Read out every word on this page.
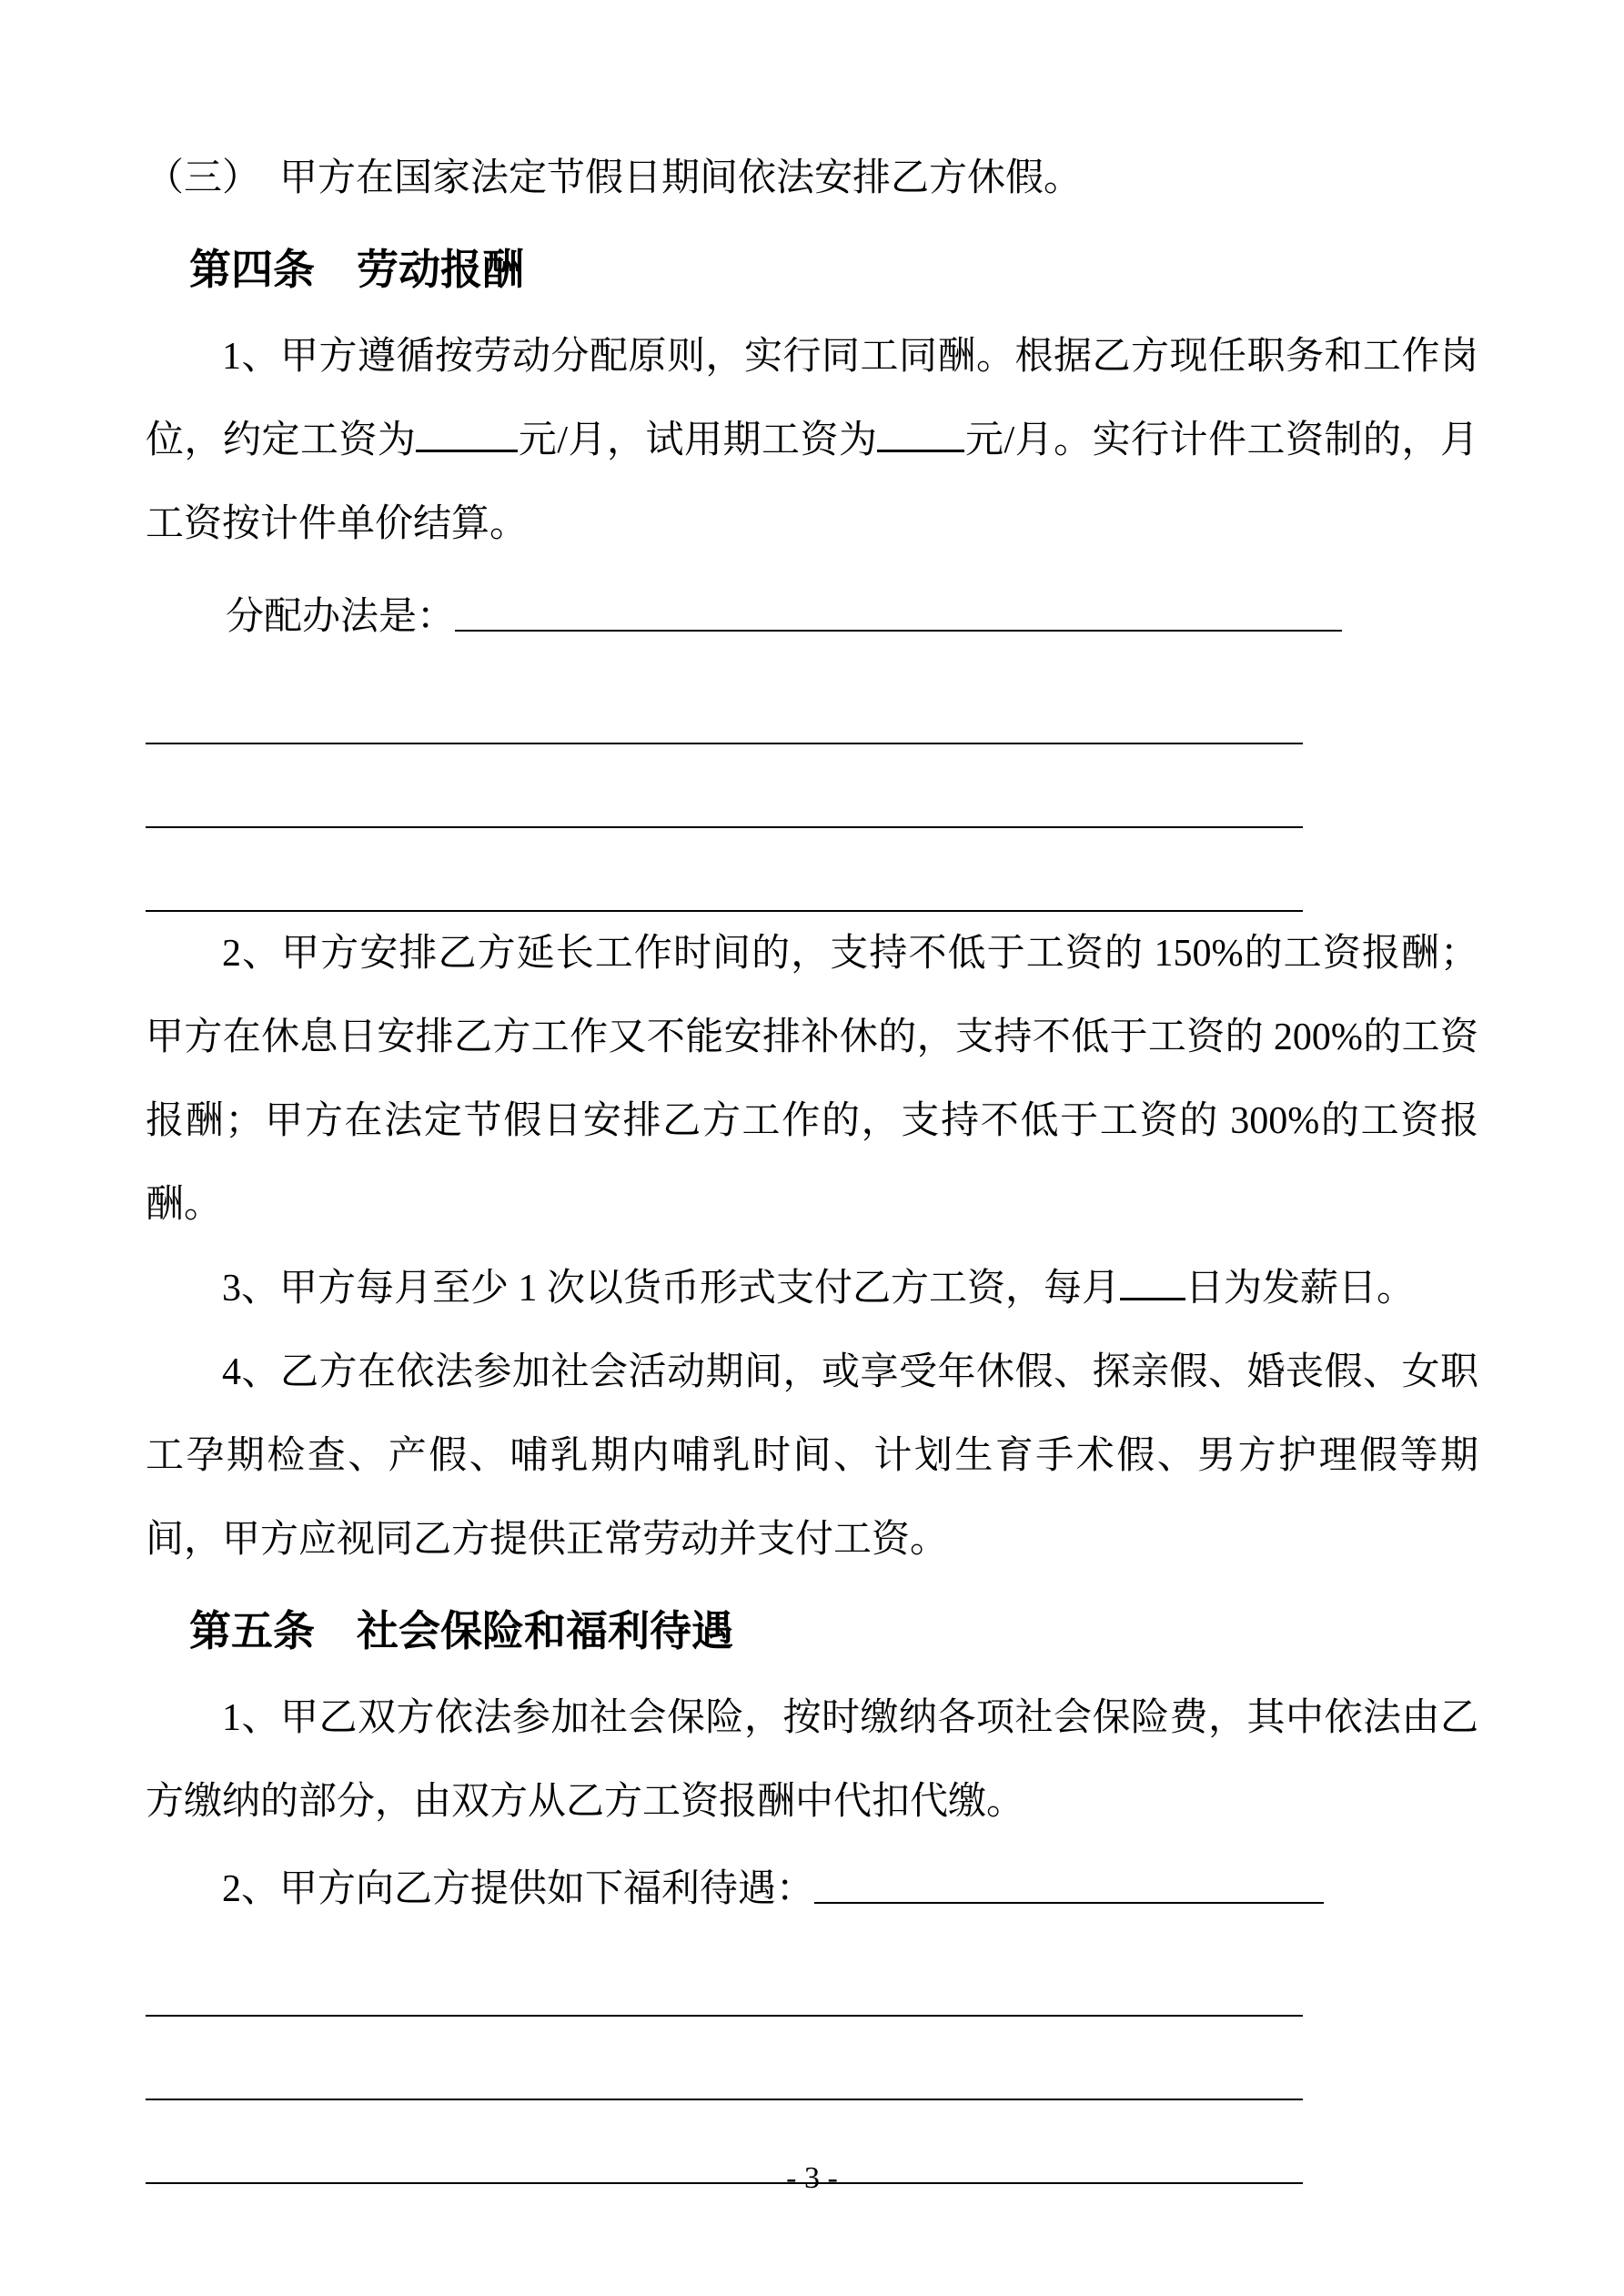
（三）　甲方在国家法定节假日期间依法安排乙方休假。

第四条　劳动报酬

1、甲方遵循按劳动分配原则，实行同工同酬。根据乙方现任职务和工作岗位，约定工资为	元/月，试用期工资为 元/月。实行计件工资制的，月工资按计件单价结算。

分配办法是：

2、甲方安排乙方延长工作时间的，支持不低于工资的 150%的工资报酬；甲方在休息日安排乙方工作又不能安排补休的，支持不低于工资的 200%的工资报酬；甲方在法定节假日安排乙方工作的，支持不低于工资的 300%的工资报酬。

3、甲方每月至少 1 次以货币形式支付乙方工资，每月 日为发薪日。

4、乙方在依法参加社会活动期间，或享受年休假、探亲假、婚丧假、女职工孕期检查、产假、哺乳期内哺乳时间、计划生育手术假、男方护理假等期间，甲方应视同乙方提供正常劳动并支付工资。

第五条　社会保险和福利待遇

1、甲乙双方依法参加社会保险，按时缴纳各项社会保险费，其中依法由乙方缴纳的部分，由双方从乙方工资报酬中代扣代缴。

2、甲方向乙方提供如下福利待遇：
- 3 -
